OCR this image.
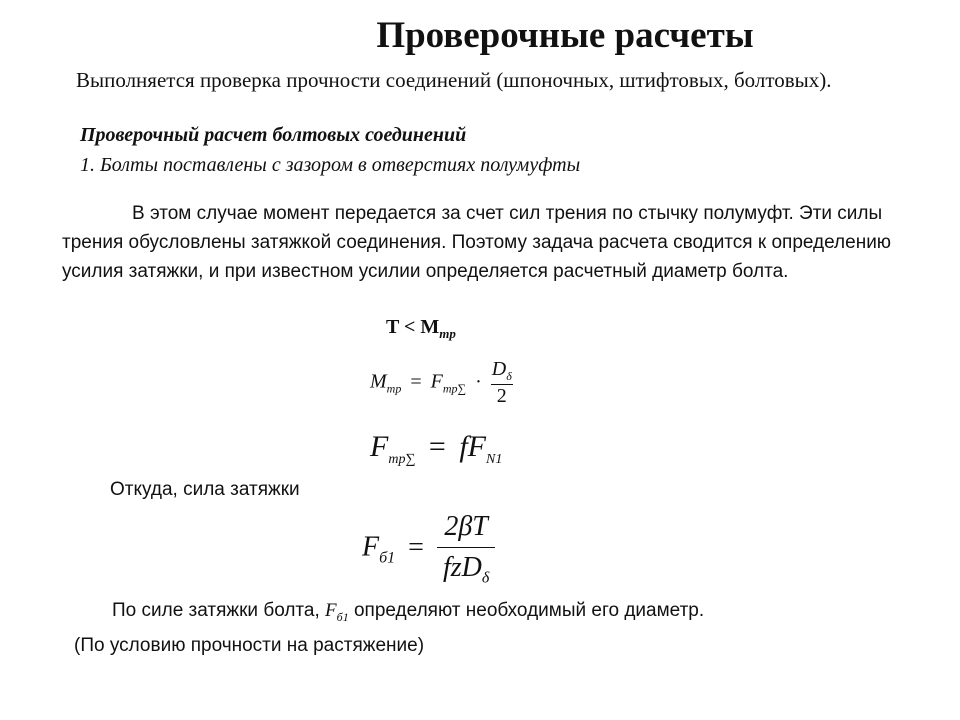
Проверочные расчеты
Выполняется проверка прочности соединений (шпоночных, штифтовых, болтовых).
Проверочный расчет болтовых соединений
1. Болты поставлены с зазором в отверстиях полумуфты
В этом случае момент передается за счет сил трения по стычку полумуфт. Эти силы трения обусловлены затяжкой соединения. Поэтому задача расчета сводится к определению усилия затяжки, и при известном усилии определяется расчетный диаметр болта.
$T < M_{тр}$
$M_{тр} = F_{тр\sum} \cdot \frac{D_\delta}{2}$
$F_{тр\sum} = fF_{N1}$
Откуда, сила затяжки
$F_{б1} = \frac{2\beta T}{fzD_\delta}$
По силе затяжки болта, $F_{б1}$ определяют необходимый его диаметр.
(По условию прочности на растяжение)
